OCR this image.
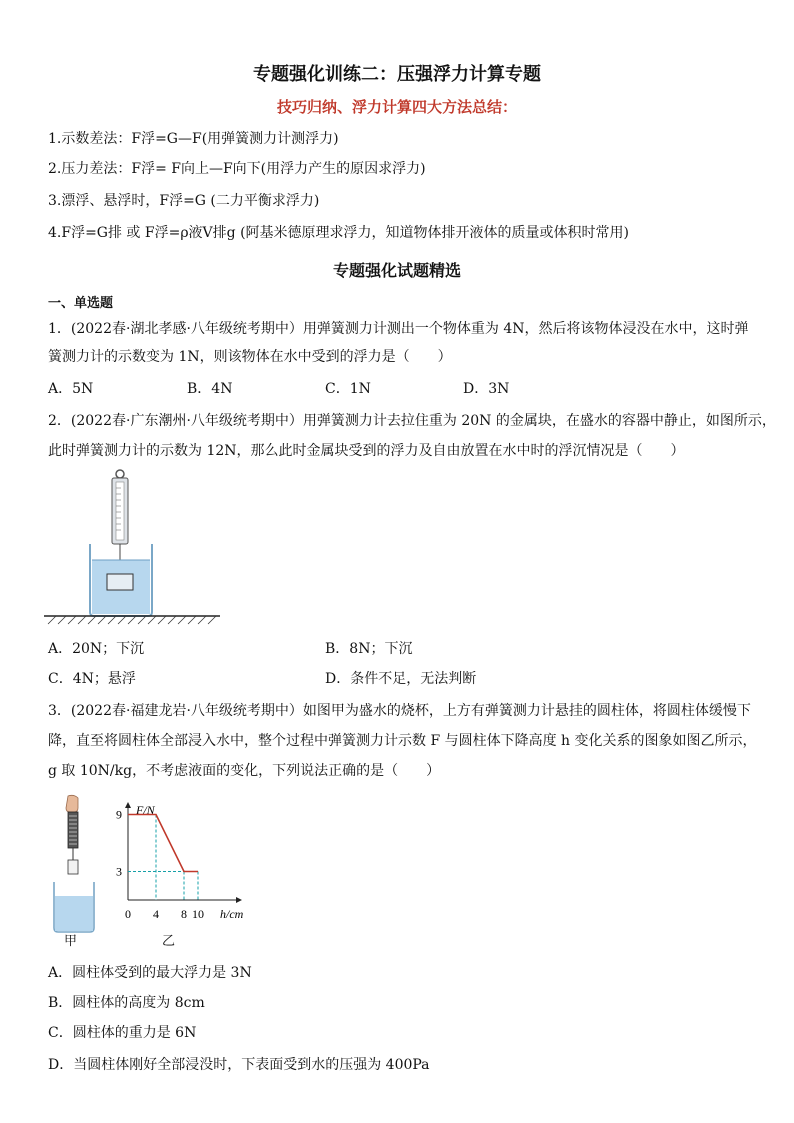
专题强化训练二：压强浮力计算专题
技巧归纳、浮力计算四大方法总结：
1.示数差法：F浮=G—F(用弹簧测力计测浮力)
2.压力差法：F浮= F向上—F向下(用浮力产生的原因求浮力)
3.漂浮、悬浮时，F浮=G (二力平衡求浮力)
4.F浮=G排 或 F浮=ρ液V排g (阿基米德原理求浮力，知道物体排开液体的质量或体积时常用)
专题强化试题精选
一、单选题
1．(2022春·湖北孝感·八年级统考期中）用弹簧测力计测出一个物体重为 4N，然后将该物体浸没在水中，这时弹
簧测力计的示数变为 1N，则该物体在水中受到的浮力是（　　）
A．5N	B．4N	C．1N	D．3N
2．(2022春·广东潮州·八年级统考期中）用弹簧测力计去拉住重为 20N 的金属块，在盛水的容器中静止，如图所示，
此时弹簧测力计的示数为 12N，那么此时金属块受到的浮力及自由放置在水中时的浮沉情况是（　　）
A．20N；下沉	B．8N；下沉
C．4N；悬浮	D．条件不足，无法判断
3．(2022春·福建龙岩·八年级统考期中）如图甲为盛水的烧杯，上方有弹簧测力计悬挂的圆柱体，将圆柱体缓慢下
降，直至将圆柱体全部浸入水中，整个过程中弹簧测力计示数 F 与圆柱体下降高度 h 变化关系的图象如图乙所示，
g 取 10N/kg，不考虑液面的变化，下列说法正确的是（　　）
甲
F/N
h/cm
3
9
0 4 8 10
乙
A．圆柱体受到的最大浮力是 3N
B．圆柱体的高度为 8cm
C．圆柱体的重力是 6N
D．当圆柱体刚好全部浸没时，下表面受到水的压强为 400Pa
